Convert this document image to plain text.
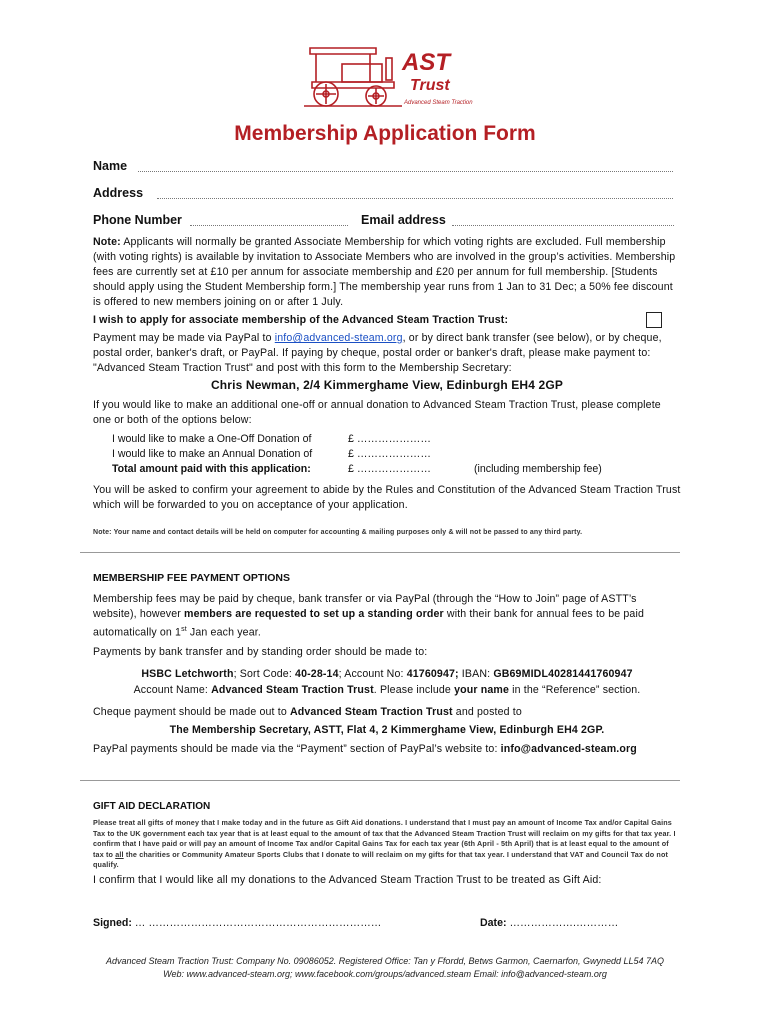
AST
Trust
Advanced Steam Traction
Membership Application Form
Name
Address
Phone Number	Email address
Note: Applicants will normally be granted Associate Membership for which voting rights are excluded. Full membership (with voting rights) is available by invitation to Associate Members who are involved in the group’s activities. Membership fees are currently set at £10 per annum for associate membership and £20 per annum for full membership. [Students should apply using the Student Membership form.] The membership year runs from 1 Jan to 31 Dec; a 50% fee discount is offered to new members joining on or after 1 July.
I wish to apply for associate membership of the Advanced Steam Traction Trust:
Payment may be made via PayPal to info@advanced-steam.org, or by direct bank transfer (see below), or by cheque, postal order, banker's draft, or PayPal. If paying by cheque, postal order or banker's draft, please make payment to: "Advanced Steam Traction Trust" and post with this form to the Membership Secretary:
Chris Newman, 2/4 Kimmerghame View, Edinburgh EH4 2GP
If you would like to make an additional one-off or annual donation to Advanced Steam Traction Trust, please complete one or both of the options below:
I would like to make a One-Off Donation of	£ …………………
I would like to make an Annual Donation of	£ …………………
Total amount paid with this application:	£ …………………	(including membership fee)
You will be asked to confirm your agreement to abide by the Rules and Constitution of the Advanced Steam Traction Trust which will be forwarded to you on acceptance of your application.
Note: Your name and contact details will be held on computer for accounting & mailing purposes only & will not be passed to any third party.
MEMBERSHIP FEE PAYMENT OPTIONS
Membership fees may be paid by cheque, bank transfer or via PayPal (through the “How to Join” page of ASTT’s website), however members are requested to set up a standing order with their bank for annual fees to be paid automatically on 1st Jan each year.
Payments by bank transfer and by standing order should be made to:
HSBC Letchworth; Sort Code: 40-28-14; Account No: 41760947; IBAN: GB69MIDL40281441760947
Account Name: Advanced Steam Traction Trust. Please include your name in the “Reference” section.
Cheque payment should be made out to Advanced Steam Traction Trust and posted to
The Membership Secretary, ASTT, Flat 4, 2 Kimmerghame View, Edinburgh EH4 2GP.
PayPal payments should be made via the “Payment” section of PayPal’s website to: info@advanced-steam.org
GIFT AID DECLARATION
Please treat all gifts of money that I make today and in the future as Gift Aid donations. I understand that I must pay an amount of Income Tax and/or Capital Gains Tax to the UK government each tax year that is at least equal to the amount of tax that the Advanced Steam Traction Trust will reclaim on my gifts for that tax year. I confirm that I have paid or will pay an amount of Income Tax and/or Capital Gains Tax for each tax year (6th April - 5th April) that is at least equal to the amount of tax to all the charities or Community Amateur Sports Clubs that I donate to will reclaim on my gifts for that tax year. I understand that VAT and Council Tax do not qualify.
I confirm that I would like all my donations to the Advanced Steam Traction Trust to be treated as Gift Aid:
Signed: … …………………………………………………………	Date: ……………….…………
Advanced Steam Traction Trust: Company No. 09086052. Registered Office: Tan y Ffordd, Betws Garmon, Caernarfon, Gwynedd LL54 7AQ
Web: www.advanced-steam.org; www.facebook.com/groups/advanced.steam Email: info@advanced-steam.org
